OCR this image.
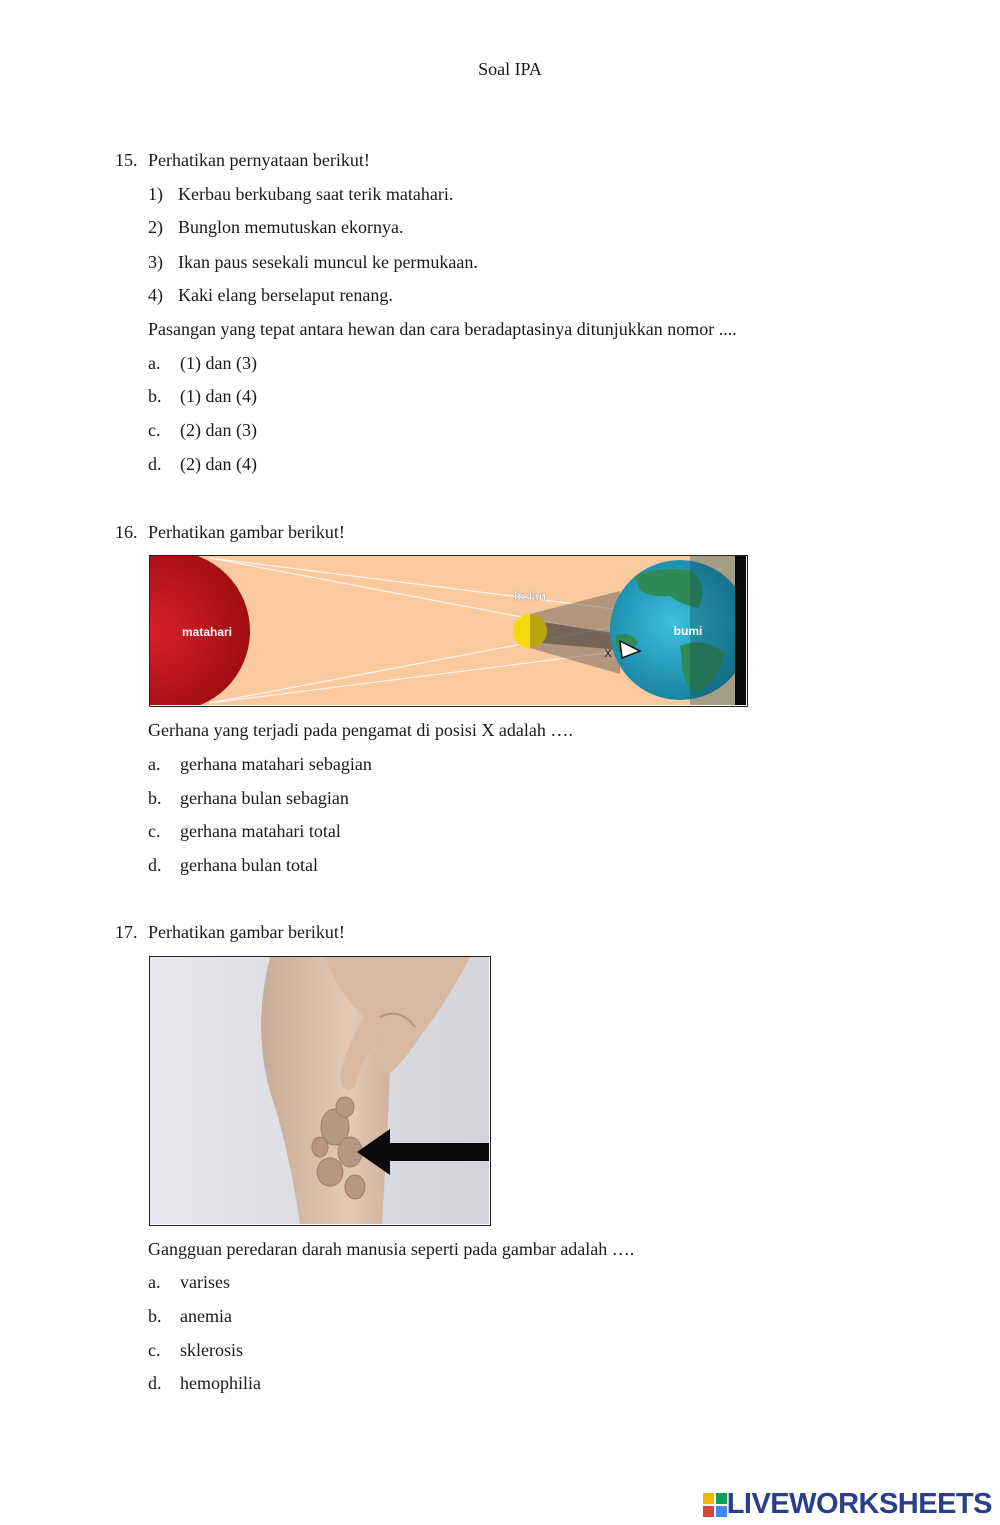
Soal IPA
15. Perhatikan pernyataan berikut!
1) Kerbau berkubang saat terik matahari.
2) Bunglon memutuskan ekornya.
3) Ikan paus sesekali muncul ke permukaan.
4) Kaki elang berselaput renang.
Pasangan yang tepat antara hewan dan cara beradaptasinya ditunjukkan nomor ....
a. (1) dan (3)
b. (1) dan (4)
c. (2) dan (3)
d. (2) dan (4)
16. Perhatikan gambar berikut!
matahari	bumi
bulan
X
Gerhana yang terjadi pada pengamat di posisi X adalah ….
a. gerhana matahari sebagian
b. gerhana bulan sebagian
c. gerhana matahari total
d. gerhana bulan total
17. Perhatikan gambar berikut!
Gangguan peredaran darah manusia seperti pada gambar adalah ….
a. varises
b. anemia
c. sklerosis
d. hemophilia
LIVEWORKSHEETS
